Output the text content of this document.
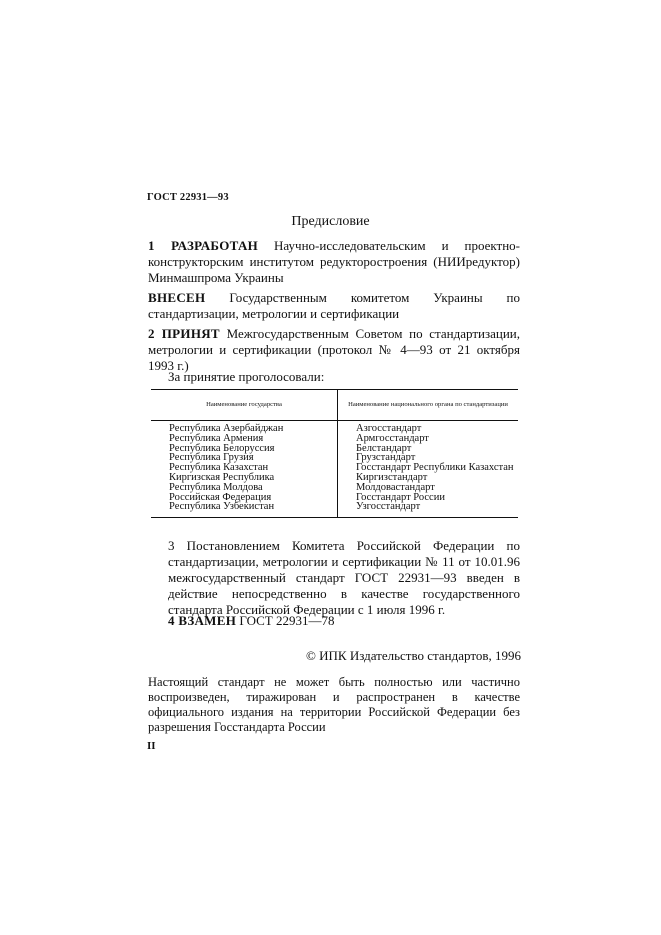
ГОСТ 22931—93
Предисловие
1 РАЗРАБОТАН Научно-исследовательским и проектно-конструкторским институтом редукторостроения (НИИредуктор) Минмашпрома Украины
ВНЕСЕН Государственным комитетом Украины по стандартизации, метрологии и сертификации
2 ПРИНЯТ Межгосударственным Советом по стандартизации, метрологии и сертификации (протокол № 4—93 от 21 октября 1993 г.)
За принятие проголосовали:
Наименование государства	Наименование национального органа по стандартизации
Республика Азербайджан	Азгосстандарт
Республика Армения	Армгосстандарт
Республика Белоруссия	Белстандарт
Республика Грузия	Грузстандарт
Республика Казахстан	Госстандарт Республики Казахстан
Киргизская Республика	Киргизстандарт
Республика Молдова	Молдовастандарт
Российская Федерация	Госстандарт России
Республика Узбекистан	Узгосстандарт
3 Постановлением Комитета Российской Федерации по стандартизации, метрологии и сертификации № 11 от 10.01.96 межгосударственный стандарт ГОСТ 22931—93 введен в действие непосредственно в качестве государственного стандарта Российской Федерации с 1 июля 1996 г.
4 ВЗАМЕН ГОСТ 22931—78
© ИПК Издательство стандартов, 1996
Настоящий стандарт не может быть полностью или частично воспроизведен, тиражирован и распространен в качестве официального издания на территории Российской Федерации без разрешения Госстандарта России
II
